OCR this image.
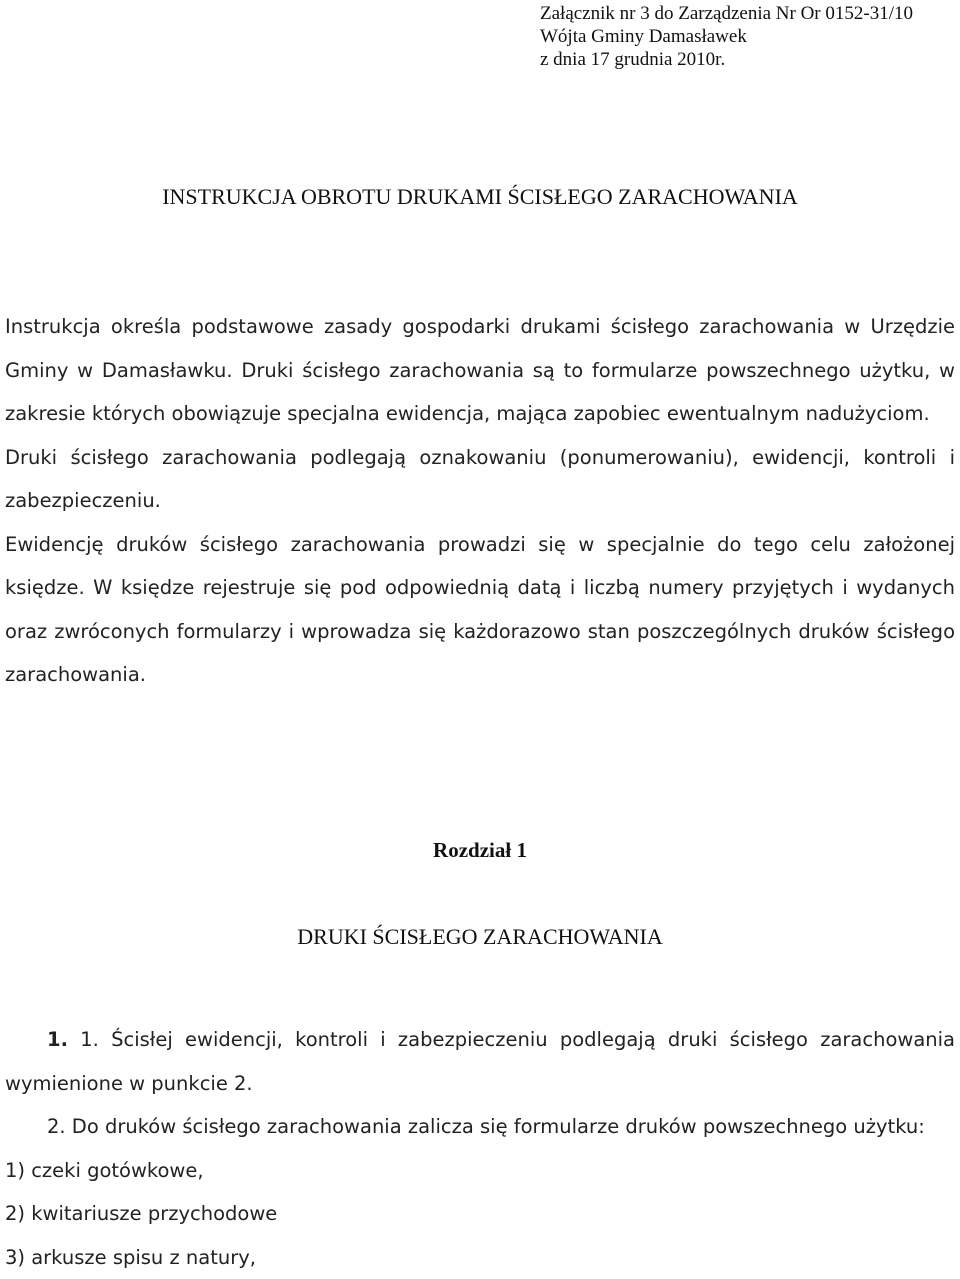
Załącznik nr 3 do Zarządzenia Nr Or 0152-31/10
Wójta Gminy Damasławek
z dnia 17 grudnia 2010r.
INSTRUKCJA OBROTU DRUKAMI ŚCISŁEGO ZARACHOWANIA

Instrukcja określa podstawowe zasady gospodarki drukami ścisłego zarachowania w Urzędzie Gminy w Damasławku. Druki ścisłego zarachowania są to formularze powszechnego użytku, w zakresie których obowiązuje specjalna ewidencja, mająca zapobiec ewentualnym nadużyciom.

Druki ścisłego zarachowania podlegają oznakowaniu (ponumerowaniu), ewidencji, kontroli i zabezpieczeniu.

Ewidencję druków ścisłego zarachowania prowadzi się w specjalnie do tego celu założonej księdze. W księdze rejestruje się pod odpowiednią datą i liczbą numery przyjętych i wydanych oraz zwróconych formularzy i wprowadza się każdorazowo stan poszczególnych druków ścisłego zarachowania.

Rozdział 1
DRUKI ŚCISŁEGO ZARACHOWANIA

1. 1. Ścisłej ewidencji, kontroli i zabezpieczeniu podlegają druki ścisłego zarachowania wymienione w punkcie 2.

2. Do druków ścisłego zarachowania zalicza się formularze druków powszechnego użytku:

1) czeki gotówkowe,

2) kwitariusze przychodowe

3) arkusze spisu z natury,
